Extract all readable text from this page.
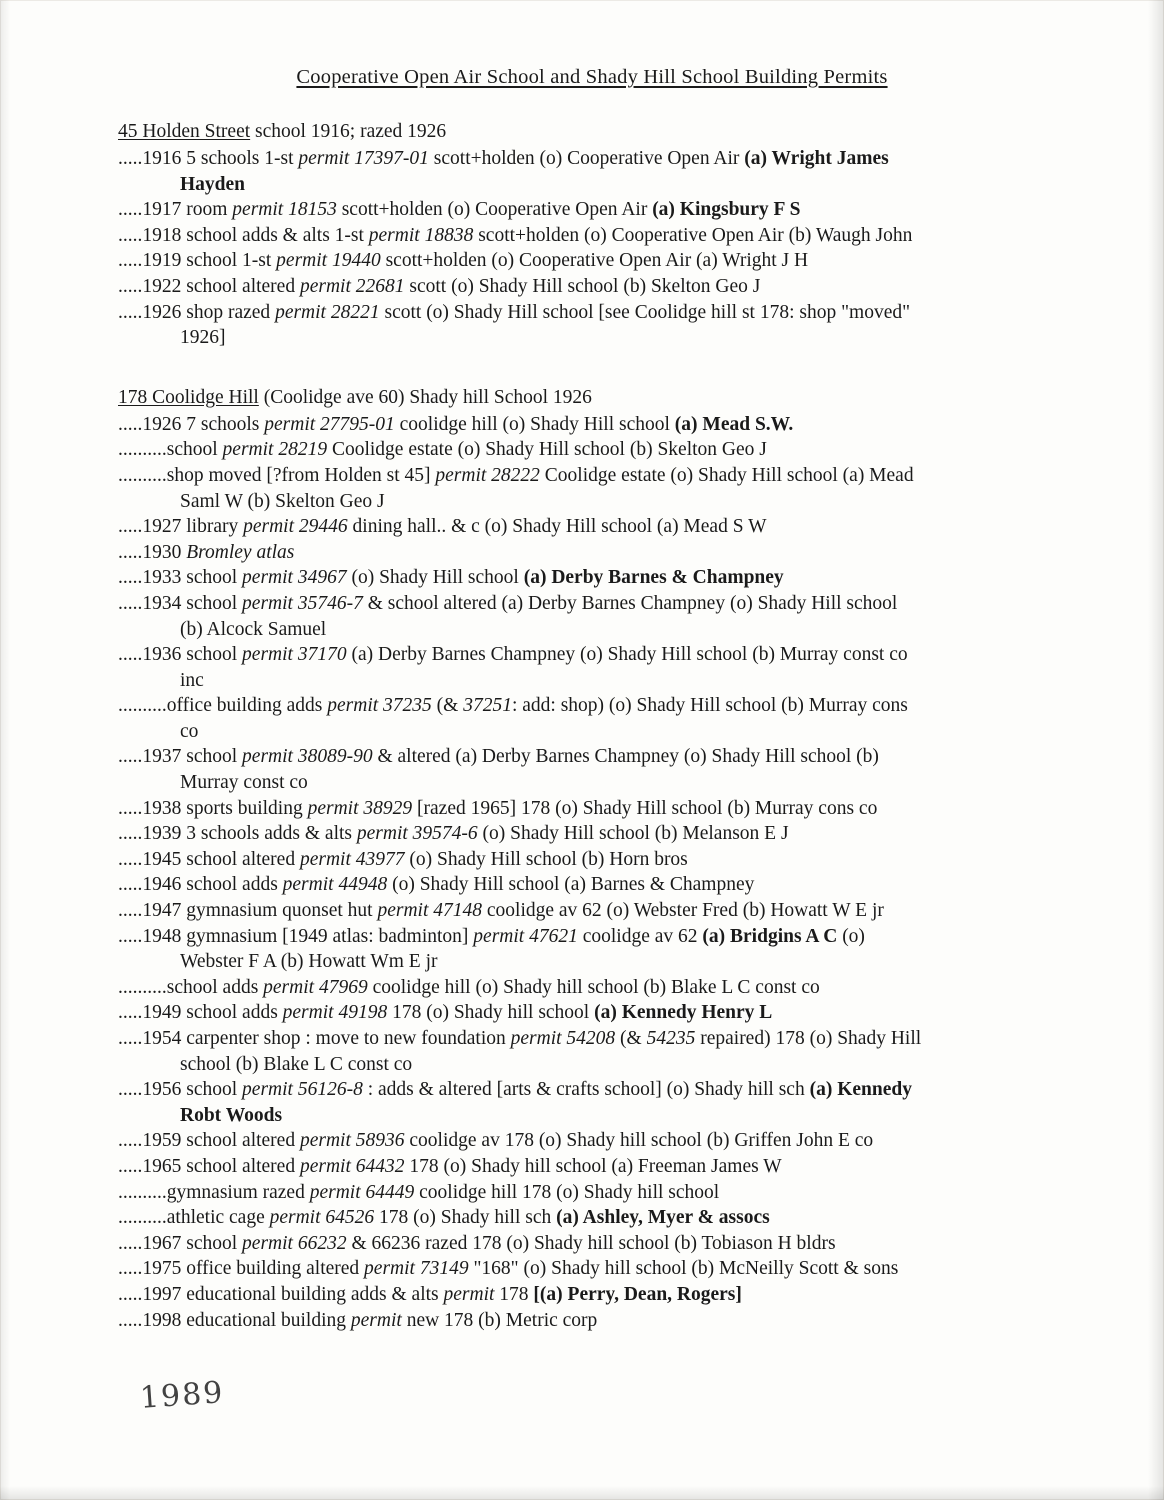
Cooperative Open Air School and Shady Hill School Building Permits
45 Holden Street school 1916; razed 1926

.....1916 5 schools 1-st permit 17397-01 scott+holden (o) Cooperative Open Air (a) Wright James
Hayden

.....1917 room permit 18153 scott+holden (o) Cooperative Open Air (a) Kingsbury F S

.....1918 school adds & alts 1-st permit 18838 scott+holden (o) Cooperative Open Air (b) Waugh John

.....1919 school 1-st permit 19440 scott+holden (o) Cooperative Open Air (a) Wright J H

.....1922 school altered permit 22681 scott (o) Shady Hill school (b) Skelton Geo J

.....1926 shop razed permit 28221 scott (o) Shady Hill school [see Coolidge hill st 178: shop "moved"
1926]

178 Coolidge Hill (Coolidge ave 60) Shady hill School 1926

.....1926 7 schools permit 27795-01 coolidge hill (o) Shady Hill school (a) Mead S.W.

..........school permit 28219 Coolidge estate (o) Shady Hill school (b) Skelton Geo J

..........shop moved [?from Holden st 45] permit 28222 Coolidge estate (o) Shady Hill school (a) Mead
Saml W (b) Skelton Geo J

.....1927 library permit 29446 dining hall.. & c (o) Shady Hill school (a) Mead S W

.....1930 Bromley atlas

.....1933 school permit 34967 (o) Shady Hill school (a) Derby Barnes & Champney

.....1934 school permit 35746-7 & school altered (a) Derby Barnes Champney (o) Shady Hill school
(b) Alcock Samuel

.....1936 school permit 37170 (a) Derby Barnes Champney (o) Shady Hill school (b) Murray const co
inc

..........office building adds permit 37235 (& 37251: add: shop) (o) Shady Hill school (b) Murray cons
co

.....1937 school permit 38089-90 & altered (a) Derby Barnes Champney (o) Shady Hill school (b)
Murray const co

.....1938 sports building permit 38929 [razed 1965] 178 (o) Shady Hill school (b) Murray cons co

.....1939 3 schools adds & alts permit 39574-6 (o) Shady Hill school (b) Melanson E J

.....1945 school altered permit 43977 (o) Shady Hill school (b) Horn bros

.....1946 school adds permit 44948 (o) Shady Hill school (a) Barnes & Champney

.....1947 gymnasium quonset hut permit 47148 coolidge av 62 (o) Webster Fred (b) Howatt W E jr

.....1948 gymnasium [1949 atlas: badminton] permit 47621 coolidge av 62 (a) Bridgins A C (o)
Webster F A (b) Howatt Wm E jr

..........school adds permit 47969 coolidge hill (o) Shady hill school (b) Blake L C const co

.....1949 school adds permit 49198 178 (o) Shady hill school (a) Kennedy Henry L

.....1954 carpenter shop : move to new foundation permit 54208 (& 54235 repaired) 178 (o) Shady Hill
school (b) Blake L C const co

.....1956 school permit 56126-8 : adds & altered [arts & crafts school] (o) Shady hill sch (a) Kennedy
Robt Woods

.....1959 school altered permit 58936 coolidge av 178 (o) Shady hill school (b) Griffen John E co

.....1965 school altered permit 64432 178 (o) Shady hill school (a) Freeman James W

..........gymnasium razed permit 64449 coolidge hill 178 (o) Shady hill school

..........athletic cage permit 64526 178 (o) Shady hill sch (a) Ashley, Myer & assocs

.....1967 school permit 66232 & 66236 razed 178 (o) Shady hill school (b) Tobiason H bldrs

.....1975 office building altered permit 73149 "168" (o) Shady hill school (b) McNeilly Scott & sons

.....1997 educational building adds & alts permit 178 [(a) Perry, Dean, Rogers]

.....1998 educational building permit new 178 (b) Metric corp

1989
